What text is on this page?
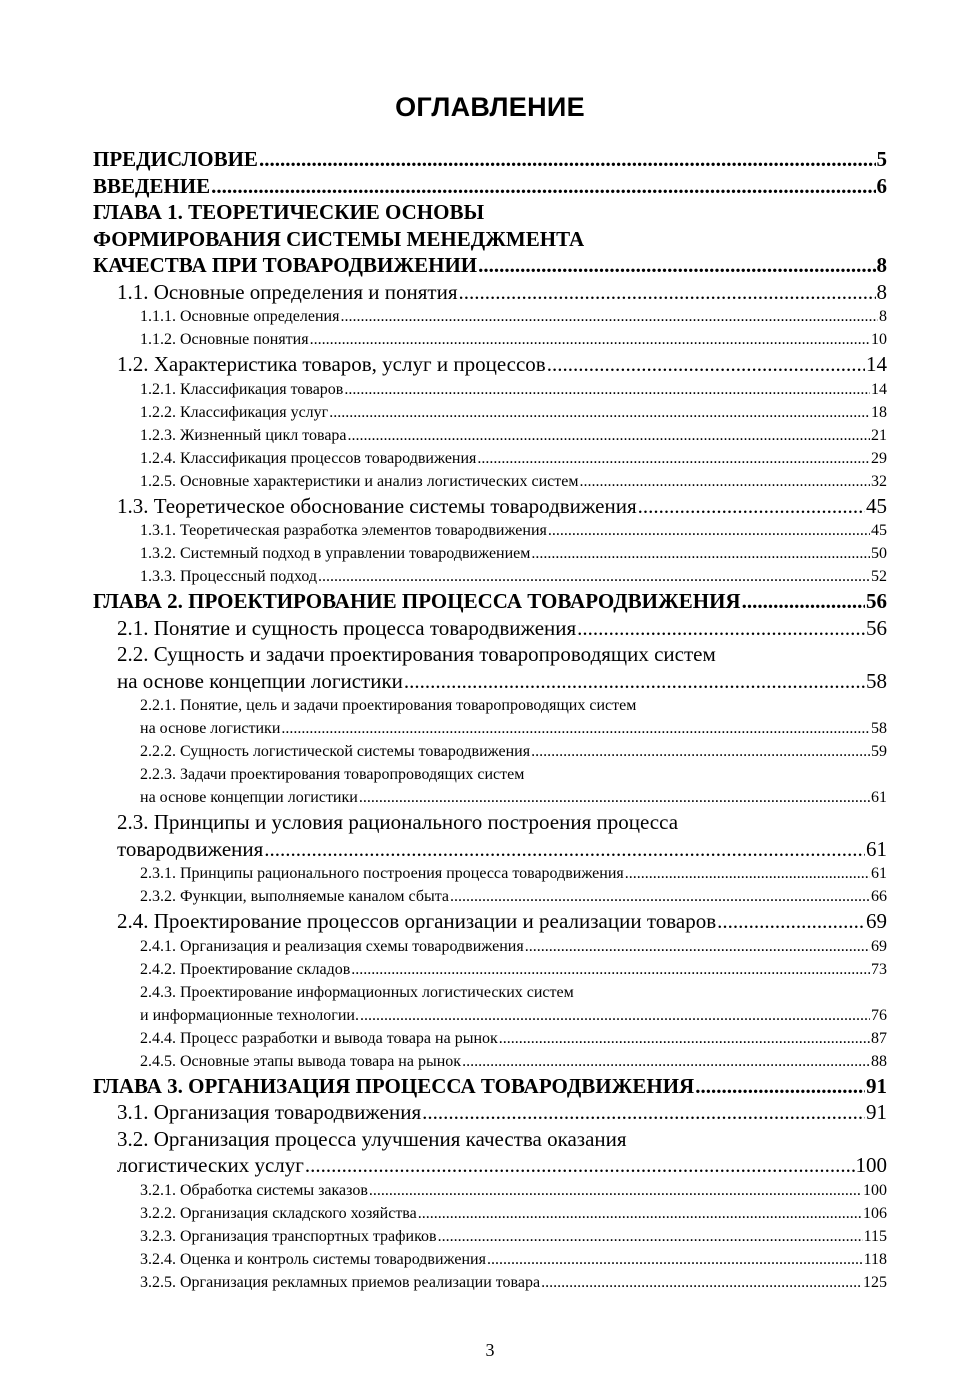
ОГЛАВЛЕНИЕ
ПРЕДИСЛОВИЕ .....	5
ВВЕДЕНИЕ .....	6
ГЛАВА 1. ТЕОРЕТИЧЕСКИЕ ОСНОВЫ
ФОРМИРОВАНИЯ СИСТЕМЫ МЕНЕДЖМЕНТА
КАЧЕСТВА ПРИ ТОВАРОДВИЖЕНИИ .....	8
1.1. Основные определения и понятия .....	8
1.1.1. Основные определения .....	8
1.1.2. Основные понятия .....	10
1.2. Характеристика товаров, услуг и процессов .....	14
1.2.1. Классификация товаров .....	14
1.2.2. Классификация услуг .....	18
1.2.3. Жизненный цикл товара .....	21
1.2.4. Классификация процессов товародвижения .....	29
1.2.5. Основные характеристики и анализ логистических систем .....	32
1.3. Теоретическое обоснование системы товародвижения .....	45
1.3.1. Теоретическая разработка элементов товародвижения .....	45
1.3.2. Системный подход в управлении товародвижением .....	50
1.3.3. Процессный подход .....	52
ГЛАВА 2. ПРОЕКТИРОВАНИЕ ПРОЦЕССА ТОВАРОДВИЖЕНИЯ .....	56
2.1. Понятие и сущность процесса товародвижения .....	56
2.2. Сущность и задачи проектирования товаропроводящих систем
на основе концепции логистики .....	58
2.2.1. Понятие, цель и задачи проектирования товаропроводящих систем
на основе логистики .....	58
2.2.2. Сущность логистической системы товародвижения .....	59
2.2.3. Задачи проектирования товаропроводящих систем
на основе концепции логистики .....	61
2.3. Принципы и условия рационального построения процесса
товародвижения .....	61
2.3.1. Принципы рационального построения процесса товародвижения .....	61
2.3.2. Функции, выполняемые каналом сбыта .....	66
2.4. Проектирование процессов организации и реализации товаров .....	69
2.4.1. Организация и реализация схемы товародвижения .....	69
2.4.2. Проектирование складов .....	73
2.4.3. Проектирование информационных логистических систем
и информационные технологии. .....	76
2.4.4. Процесс разработки и вывода товара на рынок .....	87
2.4.5. Основные этапы вывода товара на рынок .....	88
ГЛАВА 3. ОРГАНИЗАЦИЯ ПРОЦЕССА ТОВАРОДВИЖЕНИЯ .....	91
3.1. Организация товародвижения .....	91
3.2. Организация процесса улучшения качества оказания
логистических услуг .....	100
3.2.1. Обработка системы заказов .....	100
3.2.2. Организация складского хозяйства .....	106
3.2.3. Организация транспортных трафиков .....	115
3.2.4. Оценка и контроль системы товародвижения .....	118
3.2.5. Организация рекламных приемов реализации товара .....	125
3
